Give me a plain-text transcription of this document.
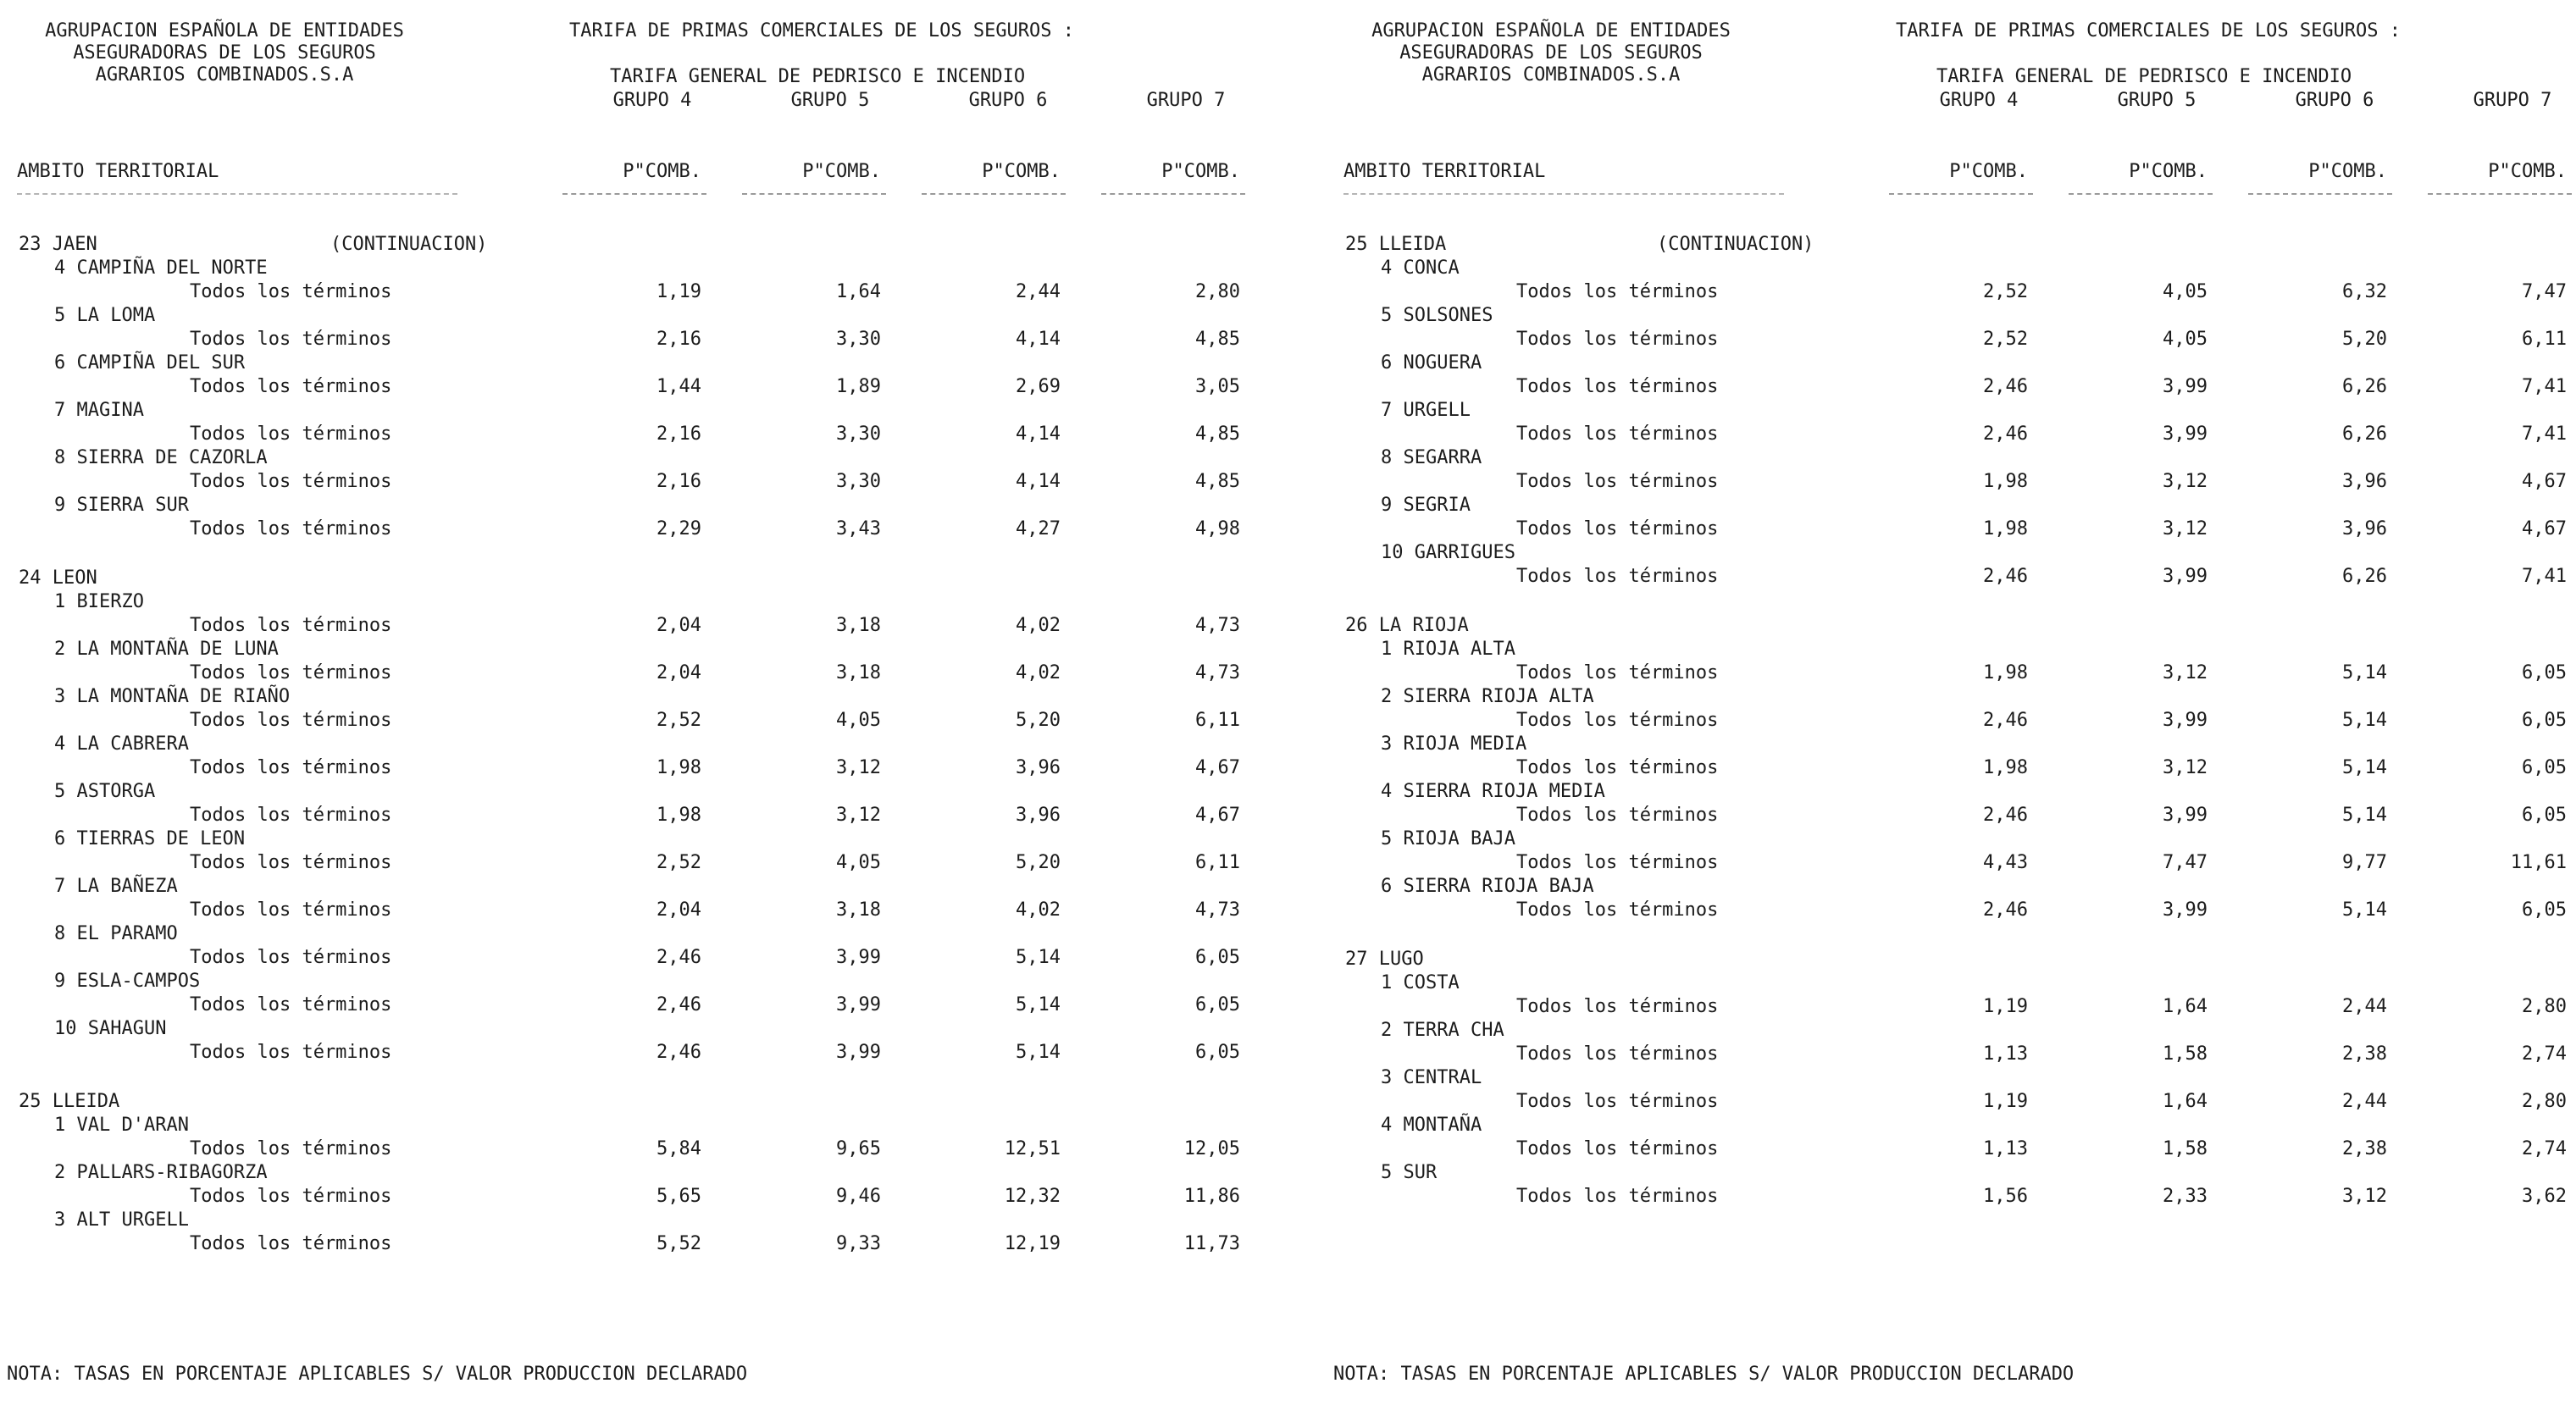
AGRUPACION ESPAÑOLA DE ENTIDADES
ASEGURADORAS DE LOS SEGUROS
AGRARIOS COMBINADOS.S.A
TARIFA DE PRIMAS COMERCIALES DE LOS SEGUROS :
TARIFA GENERAL DE PEDRISCO E INCENDIO
GRUPO 4	GRUPO 5	GRUPO 6	GRUPO 7
AMBITO TERRITORIAL	P"COMB.	P"COMB.	P"COMB.	P"COMB.
23 JAEN	(CONTINUACION)
4 CAMPIÑA DEL NORTE
Todos los términos	1,19	1,64	2,44	2,80
5 LA LOMA
Todos los términos	2,16	3,30	4,14	4,85
6 CAMPIÑA DEL SUR
Todos los términos	1,44	1,89	2,69	3,05
7 MAGINA
Todos los términos	2,16	3,30	4,14	4,85
8 SIERRA DE CAZORLA
Todos los términos	2,16	3,30	4,14	4,85
9 SIERRA SUR
Todos los términos	2,29	3,43	4,27	4,98
24 LEON
1 BIERZO
Todos los términos	2,04	3,18	4,02	4,73
2 LA MONTAÑA DE LUNA
Todos los términos	2,04	3,18	4,02	4,73
3 LA MONTAÑA DE RIAÑO
Todos los términos	2,52	4,05	5,20	6,11
4 LA CABRERA
Todos los términos	1,98	3,12	3,96	4,67
5 ASTORGA
Todos los términos	1,98	3,12	3,96	4,67
6 TIERRAS DE LEON
Todos los términos	2,52	4,05	5,20	6,11
7 LA BAÑEZA
Todos los términos	2,04	3,18	4,02	4,73
8 EL PARAMO
Todos los términos	2,46	3,99	5,14	6,05
9 ESLA-CAMPOS
Todos los términos	2,46	3,99	5,14	6,05
10 SAHAGUN
Todos los términos	2,46	3,99	5,14	6,05
25 LLEIDA
1 VAL D'ARAN
Todos los términos	5,84	9,65	12,51	12,05
2 PALLARS-RIBAGORZA
Todos los términos	5,65	9,46	12,32	11,86
3 ALT URGELL
Todos los términos	5,52	9,33	12,19	11,73
NOTA: TASAS EN PORCENTAJE APLICABLES S/ VALOR PRODUCCION DECLARADO
AGRUPACION ESPAÑOLA DE ENTIDADES
ASEGURADORAS DE LOS SEGUROS
AGRARIOS COMBINADOS.S.A
TARIFA DE PRIMAS COMERCIALES DE LOS SEGUROS :
TARIFA GENERAL DE PEDRISCO E INCENDIO
GRUPO 4	GRUPO 5	GRUPO 6	GRUPO 7
AMBITO TERRITORIAL	P"COMB.	P"COMB.	P"COMB.	P"COMB.
25 LLEIDA	(CONTINUACION)
4 CONCA
Todos los términos	2,52	4,05	6,32	7,47
5 SOLSONES
Todos los términos	2,52	4,05	5,20	6,11
6 NOGUERA
Todos los términos	2,46	3,99	6,26	7,41
7 URGELL
Todos los términos	2,46	3,99	6,26	7,41
8 SEGARRA
Todos los términos	1,98	3,12	3,96	4,67
9 SEGRIA
Todos los términos	1,98	3,12	3,96	4,67
10 GARRIGUES
Todos los términos	2,46	3,99	6,26	7,41
26 LA RIOJA
1 RIOJA ALTA
Todos los términos	1,98	3,12	5,14	6,05
2 SIERRA RIOJA ALTA
Todos los términos	2,46	3,99	5,14	6,05
3 RIOJA MEDIA
Todos los términos	1,98	3,12	5,14	6,05
4 SIERRA RIOJA MEDIA
Todos los términos	2,46	3,99	5,14	6,05
5 RIOJA BAJA
Todos los términos	4,43	7,47	9,77	11,61
6 SIERRA RIOJA BAJA
Todos los términos	2,46	3,99	5,14	6,05
27 LUGO
1 COSTA
Todos los términos	1,19	1,64	2,44	2,80
2 TERRA CHA
Todos los términos	1,13	1,58	2,38	2,74
3 CENTRAL
Todos los términos	1,19	1,64	2,44	2,80
4 MONTAÑA
Todos los términos	1,13	1,58	2,38	2,74
5 SUR
Todos los términos	1,56	2,33	3,12	3,62
NOTA: TASAS EN PORCENTAJE APLICABLES S/ VALOR PRODUCCION DECLARADO
